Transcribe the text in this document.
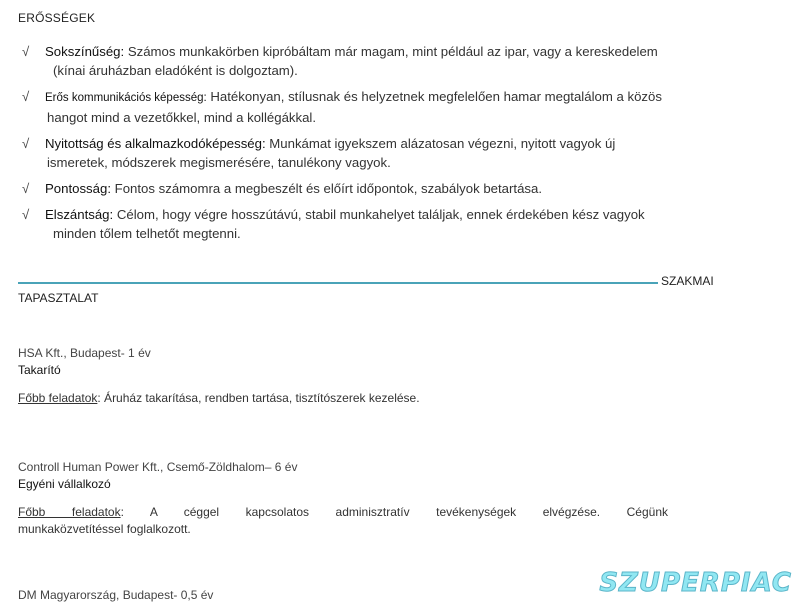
ERŐSSÉGEK
√ Sokszínűség: Számos munkakörben kipróbáltam már magam, mint például az ipar, vagy a kereskedelem
(kínai áruházban eladóként is dolgoztam).
√ Erős kommunikációs képesség: Hatékonyan, stílusnak és helyzetnek megfelelően hamar megtalálom a közös
hangot mind a vezetőkkel, mind a kollégákkal.
√ Nyitottság és alkalmazkodóképesség: Munkámat igyekszem alázatosan végezni, nyitott vagyok új
ismeretek, módszerek megismerésére, tanulékony vagyok.
√ Pontosság: Fontos számomra a megbeszélt és előírt időpontok, szabályok betartása.
√ Elszántság: Célom, hogy végre hosszútávú, stabil munkahelyet találjak, ennek érdekében kész vagyok
minden tőlem telhetőt megtenni.
SZAKMAI
TAPASZTALAT
HSA Kft., Budapest- 1 év
Takarító
Főbb feladatok: Áruház takarítása, rendben tartása, tisztítószerek kezelése.
Controll Human Power Kft., Csemő-Zöldhalom– 6 év
Egyéni vállalkozó
Főbb feladatok: A céggel kapcsolatos adminisztratív tevékenységek elvégzése. Cégünk
munkaközvetítéssel foglalkozott.
DM Magyarország, Budapest- 0,5 év	SZUPERPIAC
